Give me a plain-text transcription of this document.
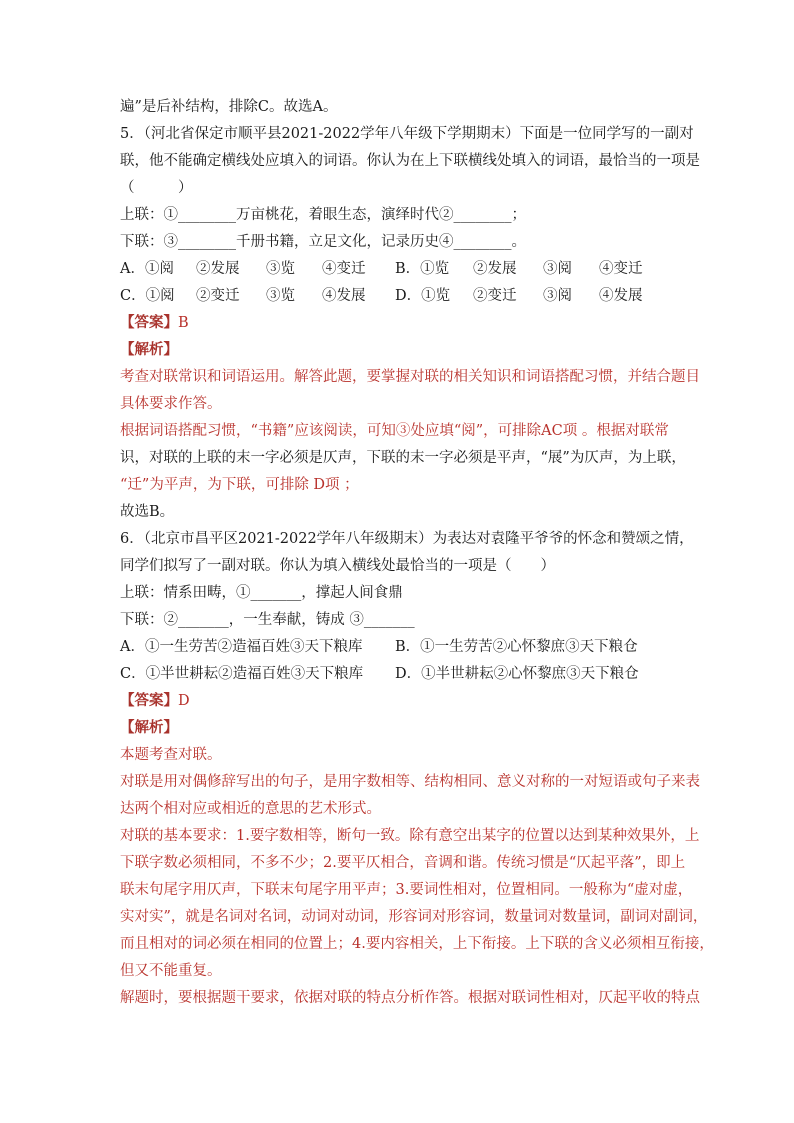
遍”是后补结构，排除C。故选A。
5．（河北省保定市顺平县2021-2022学年八年级下学期期末）下面是一位同学写的一副对
联，他不能确定横线处应填入的词语。你认为在上下联横线处填入的词语，最恰当的一项是
（　　　）
上联：①________万亩桃花，着眼生态，演绎时代②________；
下联：③________千册书籍，立足文化，记录历史④________。
A．①阅 ②发展 ③览 ④变迁 B．①览 ②发展 ③阅 ④变迁
C．①阅 ②变迁 ③览 ④发展 D．①览 ②变迁 ③阅 ④发展
【答案】B
【解析】
考查对联常识和词语运用。解答此题，要掌握对联的相关知识和词语搭配习惯，并结合题目
具体要求作答。
根据词语搭配习惯，“书籍”应该阅读，可知③处应填“阅”，可排除AC项 。根据对联常
识，对联的上联的末一字必须是仄声，下联的末一字必须是平声，“展”为仄声，为上联，
“迁”为平声，为下联，可排除 D项 ；
故选B。
6．（北京市昌平区2021-2022学年八年级期末）为表达对袁隆平爷爷的怀念和赞颂之情，
同学们拟写了一副对联。你认为填入横线处最恰当的一项是（　　）
上联：情系田畴，①_______，撑起人间食鼎
下联：②_______，一生奉献，铸成 ③_______
A．①一生劳苦②造福百姓③天下粮库 B．①一生劳苦②心怀黎庶③天下粮仓
C．①半世耕耘②造福百姓③天下粮库 D．①半世耕耘②心怀黎庶③天下粮仓
【答案】D
【解析】
本题考查对联。
对联是用对偶修辞写出的句子，是用字数相等、结构相同、意义对称的一对短语或句子来表
达两个相对应或相近的意思的艺术形式。
对联的基本要求：1.要字数相等，断句一致。除有意空出某字的位置以达到某种效果外，上
下联字数必须相同，不多不少；2.要平仄相合，音调和谐。传统习惯是“仄起平落”，即上
联末句尾字用仄声，下联末句尾字用平声；3.要词性相对，位置相同。一般称为“虚对虚，
实对实”，就是名词对名词，动词对动词，形容词对形容词，数量词对数量词，副词对副词，
而且相对的词必须在相同的位置上；4.要内容相关，上下衔接。上下联的含义必须相互衔接，
但又不能重复。
解题时，要根据题干要求，依据对联的特点分析作答。根据对联词性相对，仄起平收的特点
